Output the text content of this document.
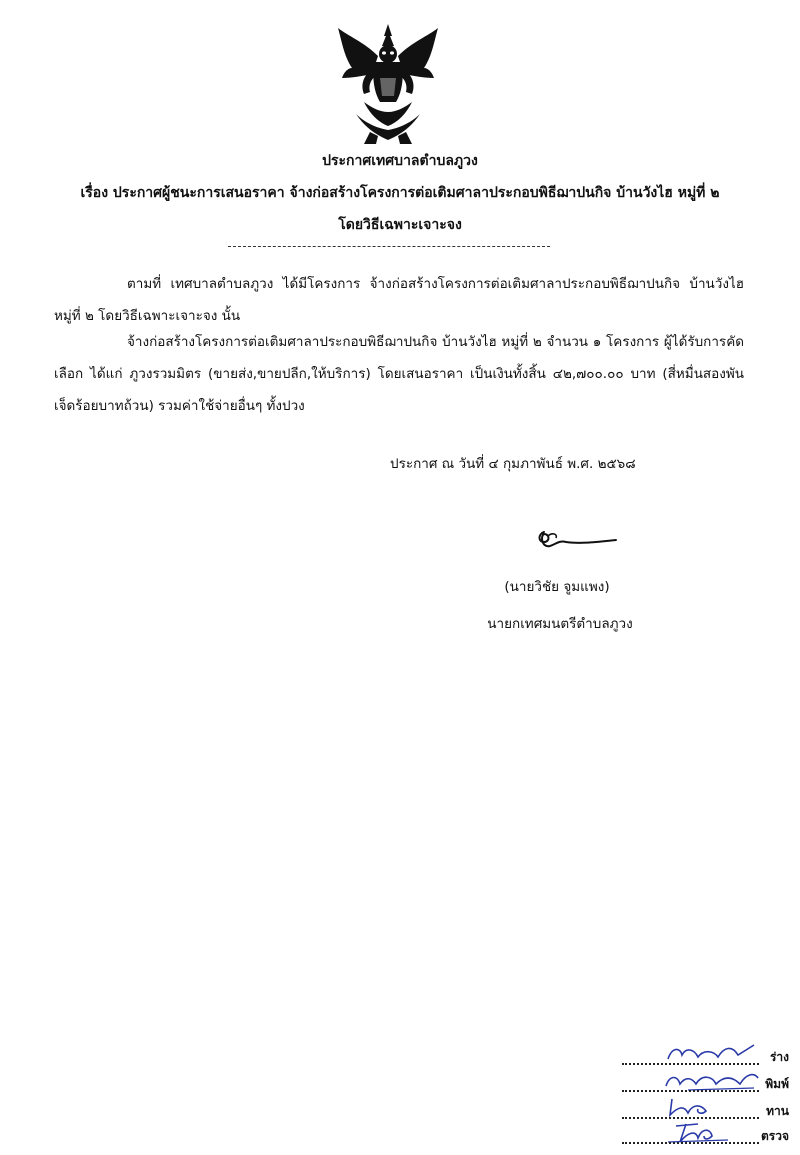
ประกาศเทศบาลตำบลภูวง
เรื่อง ประกาศผู้ชนะการเสนอราคา จ้างก่อสร้างโครงการต่อเติมศาลาประกอบพิธีฌาปนกิจ บ้านวังไฮ หมู่ที่ ๒
โดยวิธีเฉพาะเจาะจง

ตามที่ เทศบาลตำบลภูวง ได้มีโครงการ จ้างก่อสร้างโครงการต่อเติมศาลาประกอบพิธีฌาปนกิจ บ้านวังไฮ หมู่ที่ ๒ โดยวิธีเฉพาะเจาะจง นั้น

จ้างก่อสร้างโครงการต่อเติมศาลาประกอบพิธีฌาปนกิจ บ้านวังไฮ หมู่ที่ ๒ จำนวน ๑ โครงการ ผู้ได้รับการคัดเลือก ได้แก่ ภูวงรวมมิตร (ขายส่ง,ขายปลีก,ให้บริการ) โดยเสนอราคา เป็นเงินทั้งสิ้น ๔๒,๗๐๐.๐๐ บาท (สี่หมื่นสองพันเจ็ดร้อยบาทถ้วน) รวมค่าใช้จ่ายอื่นๆ ทั้งปวง

ประกาศ ณ วันที่ ๔ กุมภาพันธ์ พ.ศ. ๒๕๖๘
(นายวิชัย จูมแพง)
นายกเทศมนตรีตำบลภูวง
ร่าง
พิมพ์
ทาน
ตรวจ
